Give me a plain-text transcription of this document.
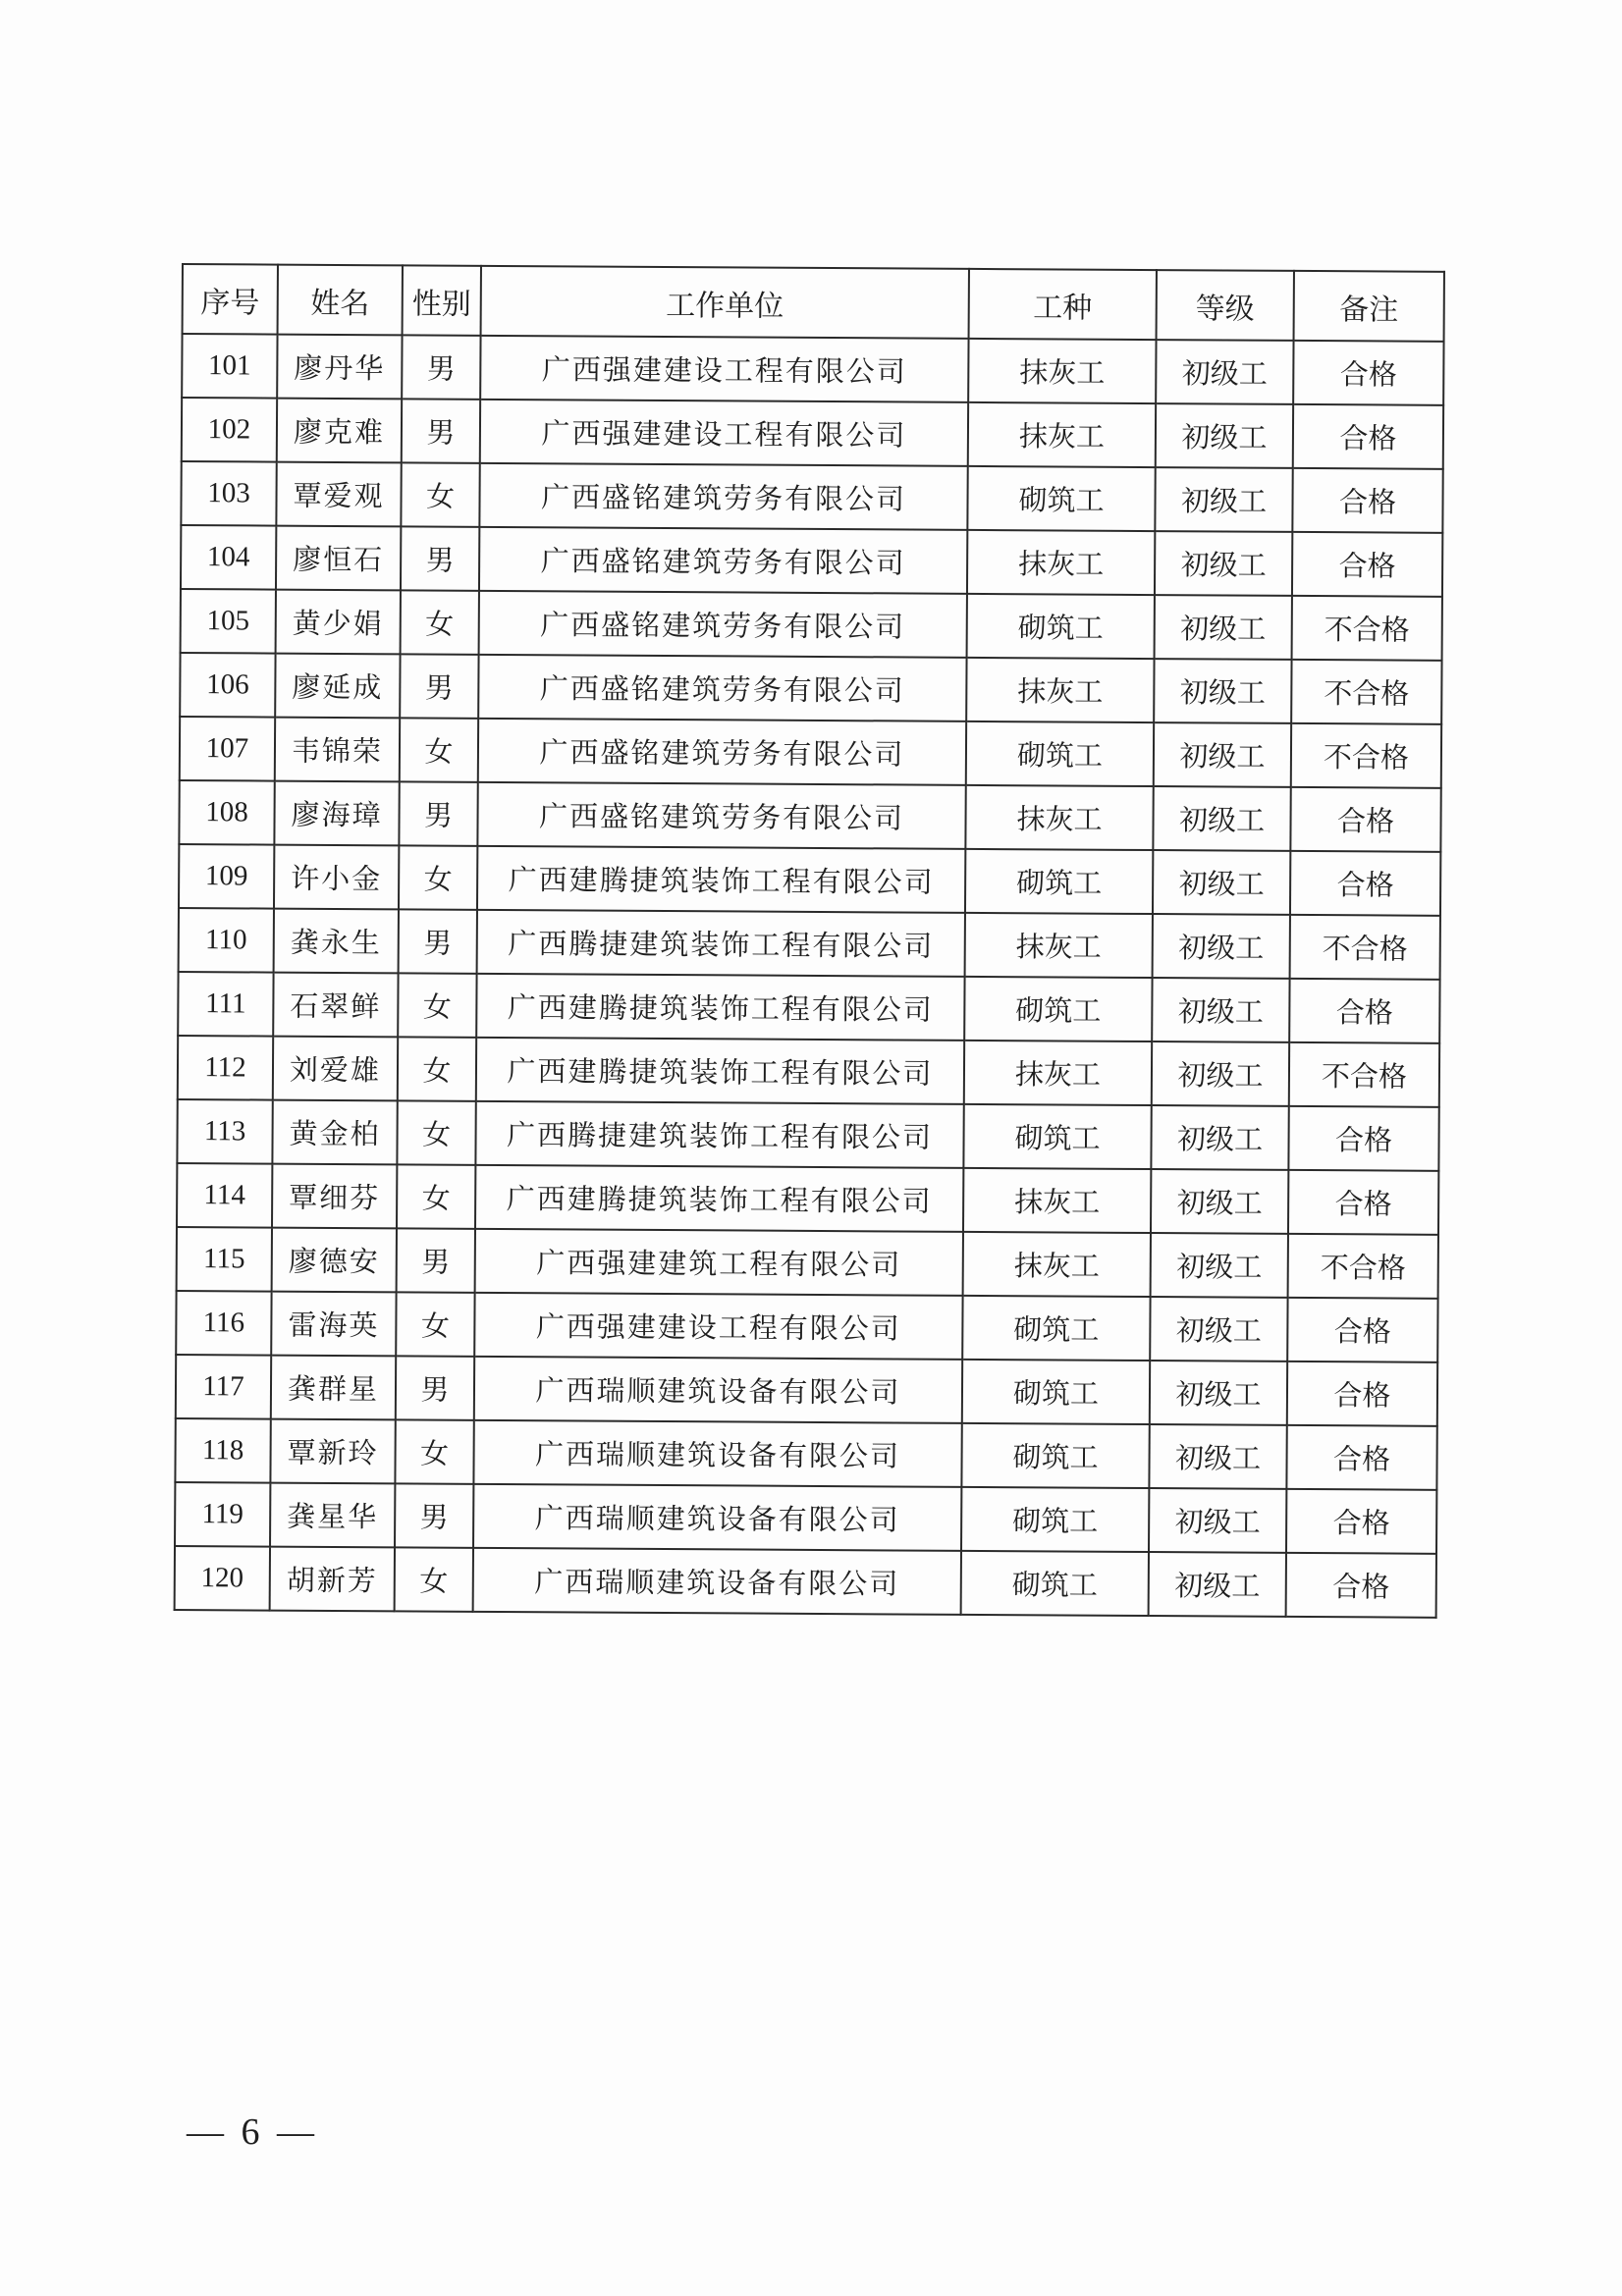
序号	姓名	性别	工作单位	工种	等级	备注
101	廖丹华	男	广西强建建设工程有限公司	抹灰工	初级工	合格
102	廖克难	男	广西强建建设工程有限公司	抹灰工	初级工	合格
103	覃爱观	女	广西盛铭建筑劳务有限公司	砌筑工	初级工	合格
104	廖恒石	男	广西盛铭建筑劳务有限公司	抹灰工	初级工	合格
105	黄少娟	女	广西盛铭建筑劳务有限公司	砌筑工	初级工	不合格
106	廖延成	男	广西盛铭建筑劳务有限公司	抹灰工	初级工	不合格
107	韦锦荣	女	广西盛铭建筑劳务有限公司	砌筑工	初级工	不合格
108	廖海璋	男	广西盛铭建筑劳务有限公司	抹灰工	初级工	合格
109	许小金	女	广西建腾捷筑装饰工程有限公司	砌筑工	初级工	合格
110	龚永生	男	广西腾捷建筑装饰工程有限公司	抹灰工	初级工	不合格
111	石翠鲜	女	广西建腾捷筑装饰工程有限公司	砌筑工	初级工	合格
112	刘爱雄	女	广西建腾捷筑装饰工程有限公司	抹灰工	初级工	不合格
113	黄金柏	女	广西腾捷建筑装饰工程有限公司	砌筑工	初级工	合格
114	覃细芬	女	广西建腾捷筑装饰工程有限公司	抹灰工	初级工	合格
115	廖德安	男	广西强建建筑工程有限公司	抹灰工	初级工	不合格
116	雷海英	女	广西强建建设工程有限公司	砌筑工	初级工	合格
117	龚群星	男	广西瑞顺建筑设备有限公司	砌筑工	初级工	合格
118	覃新玲	女	广西瑞顺建筑设备有限公司	砌筑工	初级工	合格
119	龚星华	男	广西瑞顺建筑设备有限公司	砌筑工	初级工	合格
120	胡新芳	女	广西瑞顺建筑设备有限公司	砌筑工	初级工	合格
— 6 —
